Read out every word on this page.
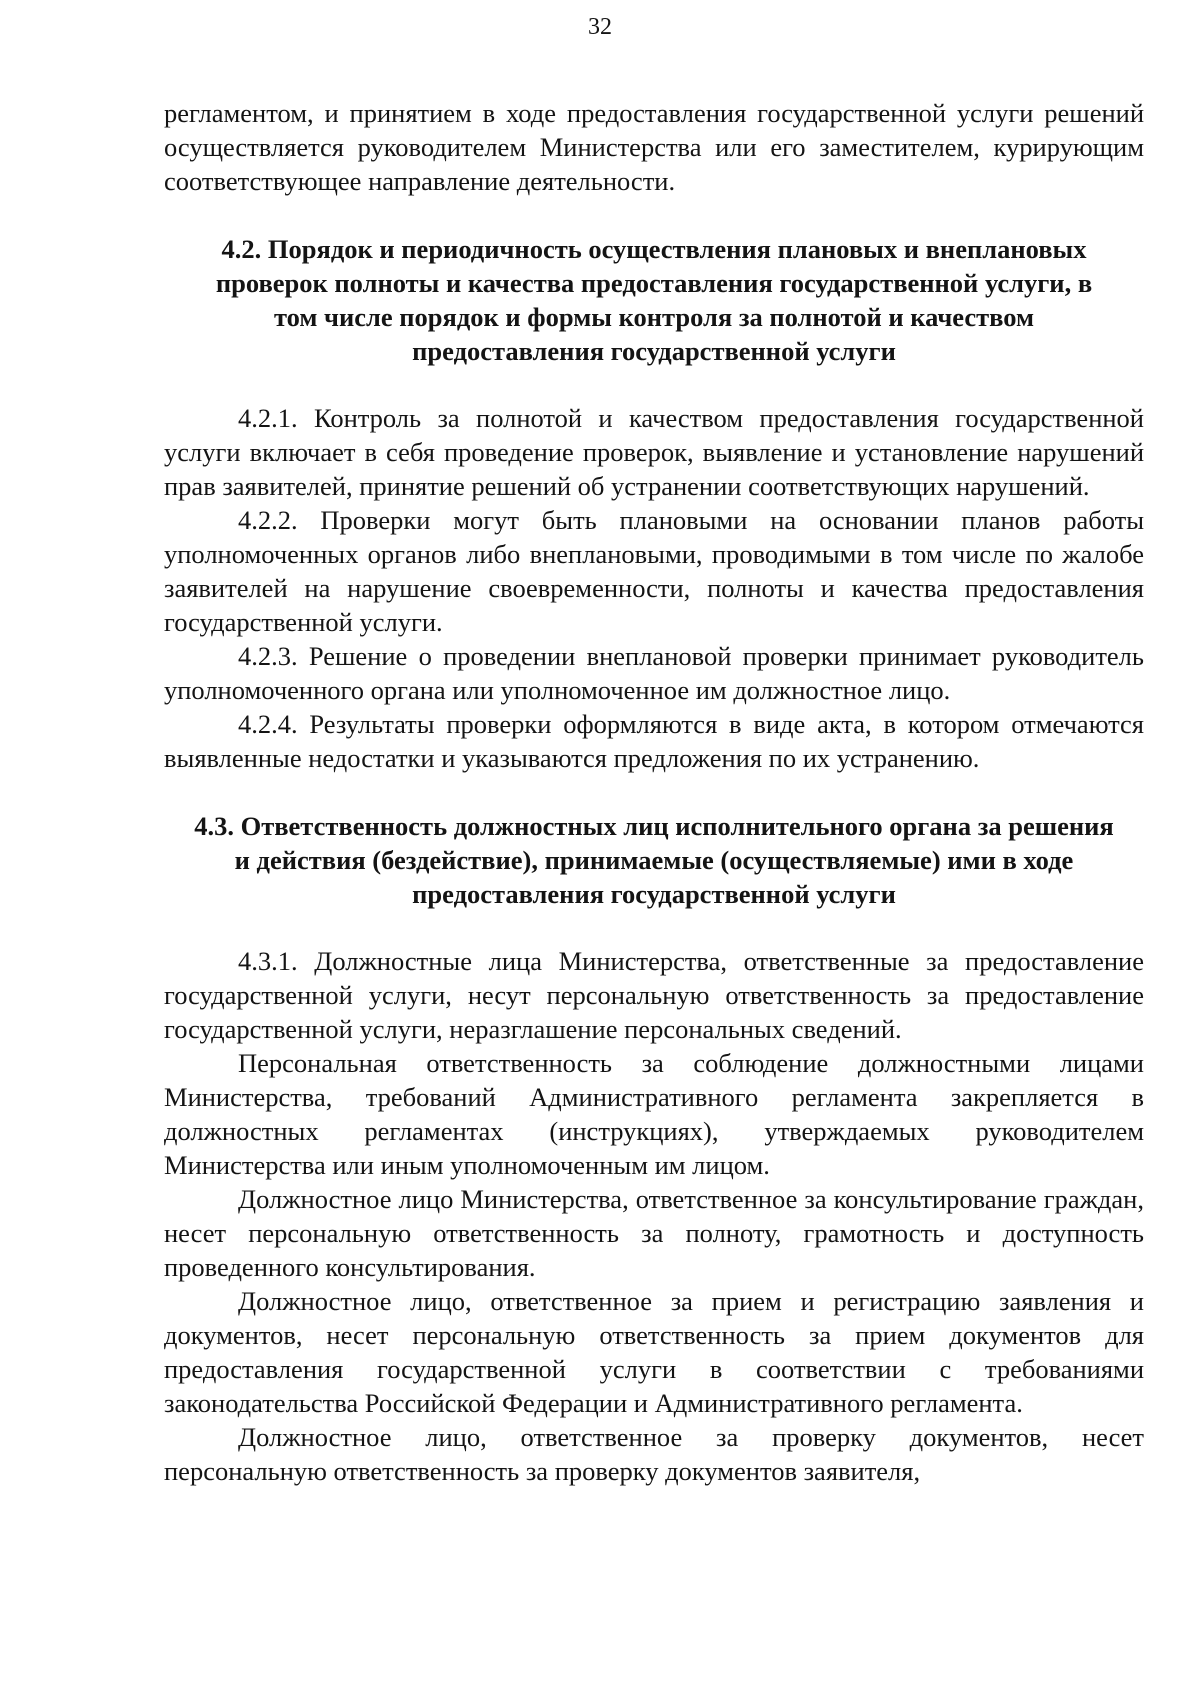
32

регламентом, и принятием в ходе предоставления государственной услуги решений осуществляется руководителем Министерства или его заместителем, курирующим соответствующее направление деятельности.

4.2. Порядок и периодичность осуществления плановых и внеплановых проверок полноты и качества предоставления государственной услуги, в том числе порядок и формы контроля за полнотой и качеством предоставления государственной услуги

4.2.1. Контроль за полнотой и качеством предоставления государственной услуги включает в себя проведение проверок, выявление и установление нарушений прав заявителей, принятие решений об устранении соответствующих нарушений.

4.2.2. Проверки могут быть плановыми на основании планов работы уполномоченных органов либо внеплановыми, проводимыми в том числе по жалобе заявителей на нарушение своевременности, полноты и качества предоставления государственной услуги.

4.2.3. Решение о проведении внеплановой проверки принимает руководитель уполномоченного органа или уполномоченное им должностное лицо.

4.2.4. Результаты проверки оформляются в виде акта, в котором отмечаются выявленные недостатки и указываются предложения по их устранению.

4.3. Ответственность должностных лиц исполнительного органа за решения и действия (бездействие), принимаемые (осуществляемые) ими в ходе предоставления государственной услуги

4.3.1. Должностные лица Министерства, ответственные за предоставление государственной услуги, несут персональную ответственность за предоставление государственной услуги, неразглашение персональных сведений.

Персональная ответственность за соблюдение должностными лицами Министерства, требований Административного регламента закрепляется в должностных регламентах (инструкциях), утверждаемых руководителем Министерства или иным уполномоченным им лицом.

Должностное лицо Министерства, ответственное за консультирование граждан, несет персональную ответственность за полноту, грамотность и доступность проведенного консультирования.

Должностное лицо, ответственное за прием и регистрацию заявления и документов, несет персональную ответственность за прием документов для предоставления государственной услуги в соответствии с требованиями законодательства Российской Федерации и Административного регламента.

Должностное лицо, ответственное за проверку документов, несет персональную ответственность за проверку документов заявителя,
